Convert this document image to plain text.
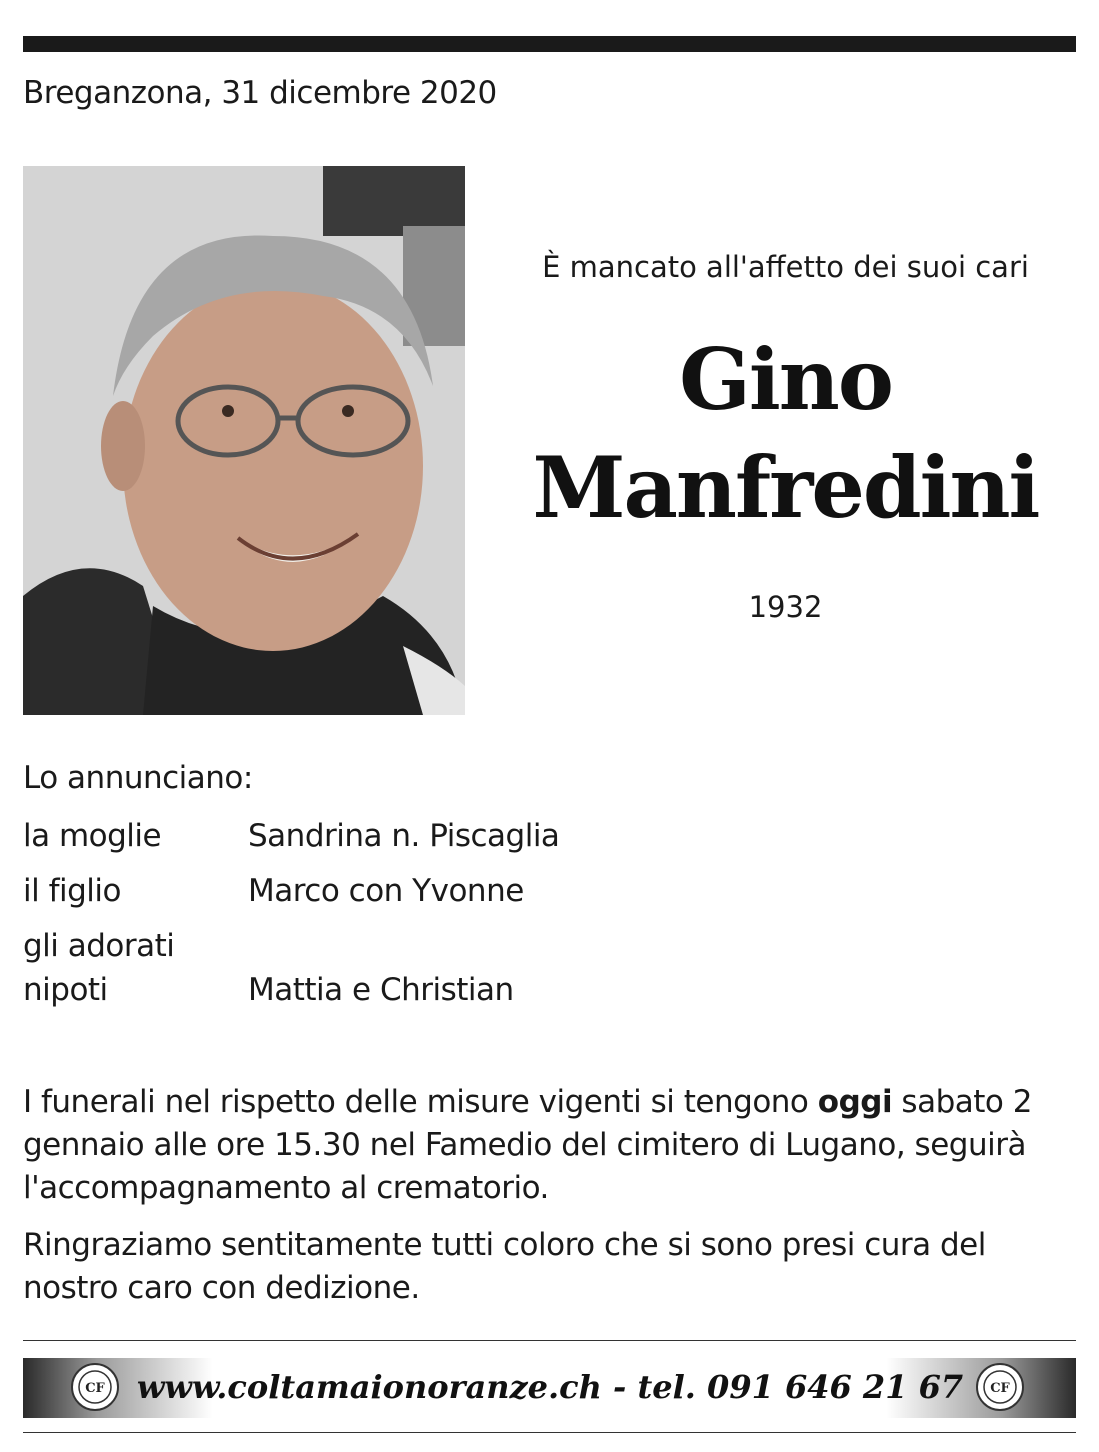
Breganzona, 31 dicembre 2020
È mancato all'affetto dei suoi cari
Gino
Manfredini
1932
Lo annunciano:
la moglie	Sandrina n. Piscaglia
il figlio	Marco con Yvonne
gli adorati
nipoti	Mattia e Christian
I funerali nel rispetto delle misure vigenti si tengono oggi sabato 2 gennaio alle ore 15.30 nel Famedio del cimitero di Lugano, seguirà l'accompagnamento al crematorio.
Ringraziamo sentitamente tutti coloro che si sono presi cura del nostro caro con dedizione.
CF	www.coltamaionoranze.ch - tel. 091 646 21 67	CF
